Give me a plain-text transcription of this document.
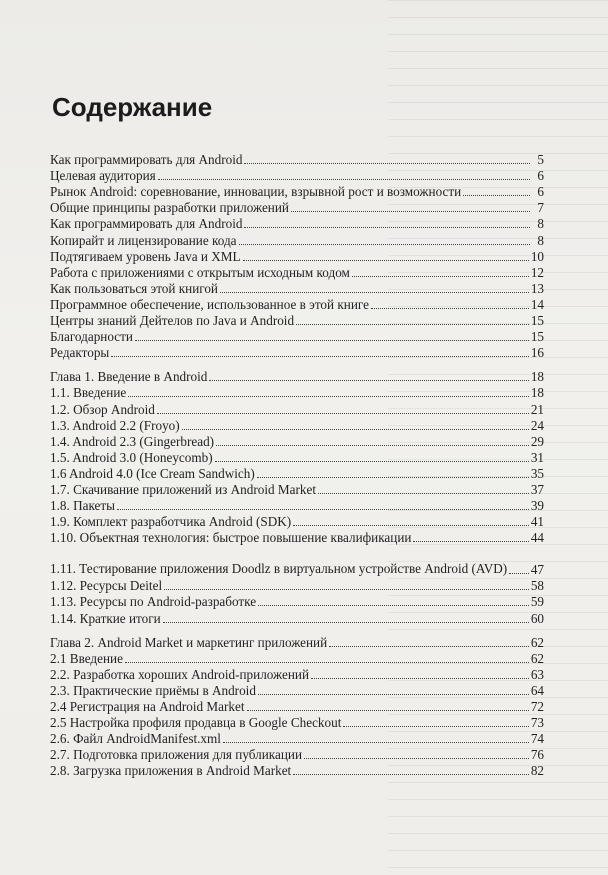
Содержание
Как программировать для Android	5
Целевая аудитория	6
Рынок Android: соревнование, инновации, взрывной рост и возможности	6
Общие принципы разработки приложений	7
Как программировать для Android	8
Копирайт и лицензирование кода	8
Подтягиваем уровень Java и XML	10
Работа с приложениями с открытым исходным кодом	12
Как пользоваться этой книгой	13
Программное обеспечение, использованное в этой книге	14
Центры знаний Дейтелов по Java и Android	15
Благодарности	15
Редакторы	16
Глава 1. Введение в Android	18
1.1. Введение	18
1.2. Обзор Android	21
1.3. Android 2.2 (Froyo)	24
1.4. Android 2.3 (Gingerbread)	29
1.5. Android 3.0 (Honeycomb)	31
1.6 Android 4.0 (Ice Cream Sandwich)	35
1.7. Скачивание приложений из Android Market	37
1.8. Пакеты	39
1.9. Комплект разработчика Android (SDK)	41
1.10. Объектная технология: быстрое повышение квалификации	44
1.11. Тестирование приложения Doodlz в виртуальном устройстве Android (AVD) 47
1.12. Ресурсы Deitel	58
1.13. Ресурсы по Android-разработке	59
1.14. Краткие итоги	60
Глава 2. Android Market и маркетинг приложений	62
2.1 Введение	62
2.2. Разработка хороших Android-приложений	63
2.3. Практические приёмы в Android	64
2.4 Регистрация на Android Market	72
2.5 Настройка профиля продавца в Google Checkout	73
2.6. Файл AndroidManifest.xml	74
2.7. Подготовка приложения для публикации	76
2.8. Загрузка приложения в Android Market	82
